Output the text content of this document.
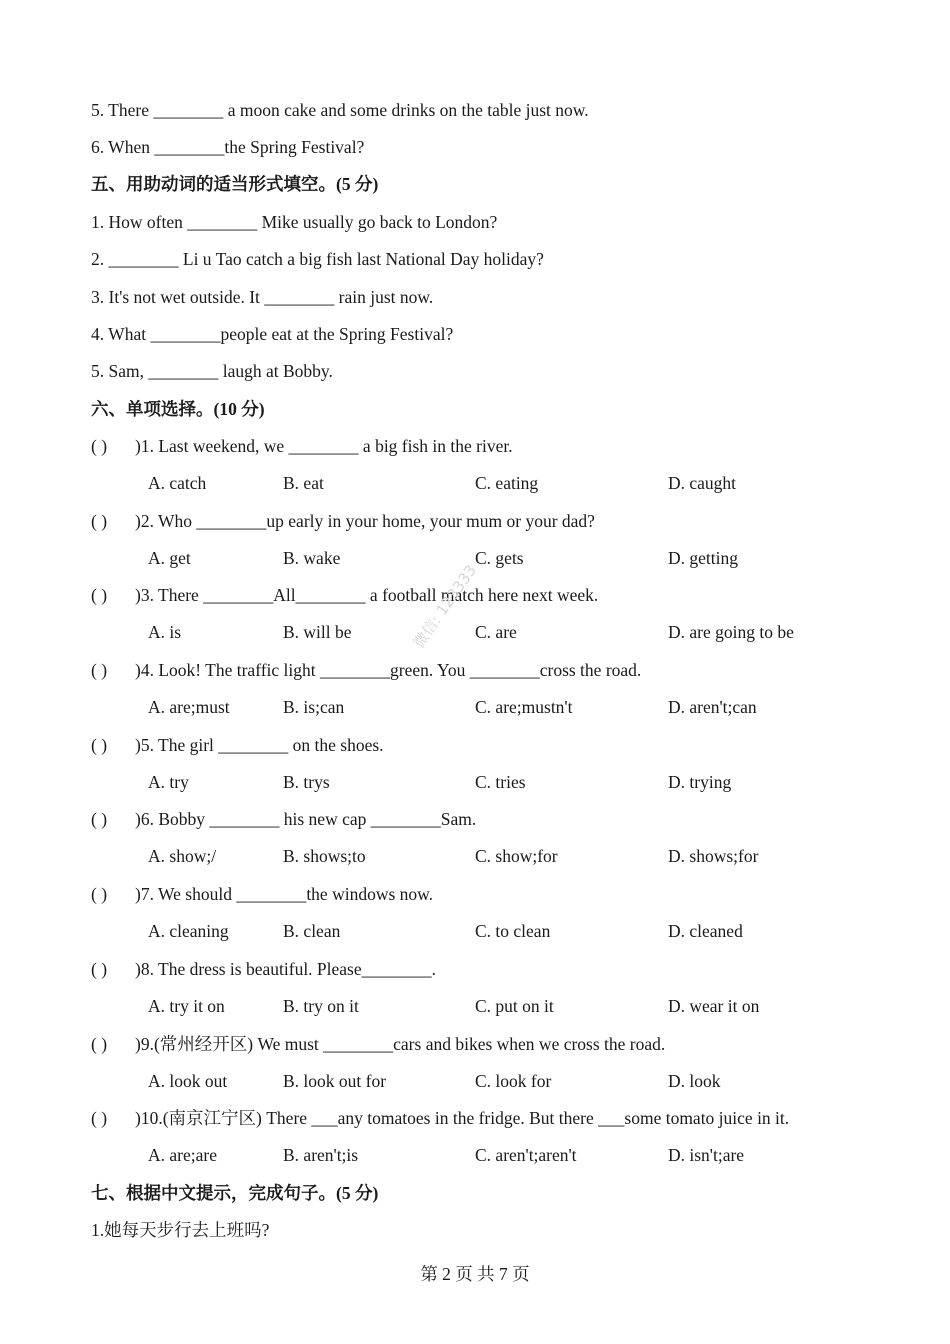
5. There ________ a moon cake and some drinks on the table just now.
6. When ________the Spring Festival?
五、用助动词的适当形式填空。(5 分)
1. How often ________ Mike usually go back to London?
2. ________ Li u Tao catch a big fish last National Day holiday?
3. It's not wet outside. It ________ rain just now.
4. What ________people eat at the Spring Festival?
5. Sam, ________ laugh at Bobby.
六、单项选择。(10 分)
( ) )1. Last weekend, we ________ a big fish in the river.
A. catch	B. eat	C. eating	D. caught
( ) )2. Who ________up early in your home, your mum or your dad?
A. get	B. wake	C. gets	D. getting
( ) )3. There ________All________ a football match here next week.
A. is	B. will be	C. are	D. are going to be
( ) )4. Look! The traffic light ________green. You ________cross the road.
A. are;must	B. is;can	C. are;mustn't	D. aren't;can
( ) )5. The girl ________ on the shoes.
A. try	B. trys	C. tries	D. trying
( ) )6. Bobby ________ his new cap ________Sam.
A. show;/	B. shows;to	C. show;for	D. shows;for
( ) )7. We should ________the windows now.
A. cleaning	B. clean	C. to clean	D. cleaned
( ) )8. The dress is beautiful. Please________.
A. try it on	B. try on it	C. put on it	D. wear it on
( ) )9.(常州经开区) We must ________cars and bikes when we cross the road.
A. look out	B. look out for	C. look for	D. look
( ) )10.(南京江宁区) There ___any tomatoes in the fridge. But there ___some tomato juice in it.
A. are;are	B. aren't;is	C. aren't;aren't	D. isn't;are
七、根据中文提示，完成句子。(5 分)
1.她每天步行去上班吗?
微信: 123333
第 2 页 共 7 页
